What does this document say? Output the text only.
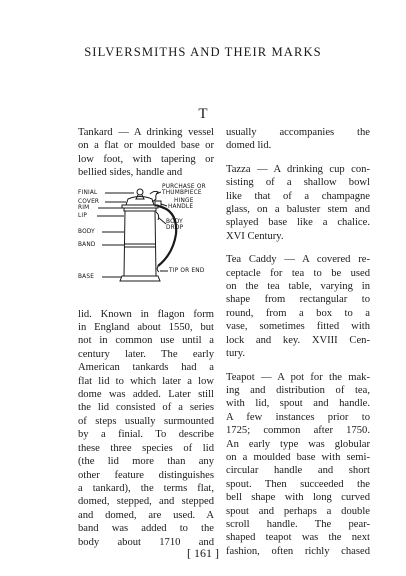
SILVERSMITHS AND THEIR MARKS
T
Tankard — A drinking vessel
on a flat or moulded base or
low foot, with tapering or
bellied sides, handle and
FINIAL
COVER
RIM
LIP
BODY
BAND
BASE
PURCHASE OR
THUMBPIECE
HINGE
HANDLE
BODY
DROP
TIP OR END
lid. Known in flagon form
in England about 1550, but
not in common use until a
century later. The early
American tankards had a
flat lid to which later a low
dome was added. Later still
the lid consisted of a series
of steps usually surmounted
by a finial. To describe
these three species of lid
(the lid more than any
other feature distinguishes
a tankard), the terms flat,
domed, stepped, and stepped
and domed, are used. A
band was added to the
body about 1710 and
usually accompanies the
domed lid.
Tazza — A drinking cup con-
sisting of a shallow bowl
like that of a champagne
glass, on a baluster stem and
splayed base like a chalice.
XVI Century.
Tea Caddy — A covered re-
ceptacle for tea to be used
on the tea table, varying in
shape from rectangular to
round, from a box to a
vase, sometimes fitted with
lock and key. XVIII Cen-
tury.
Teapot — A pot for the mak-
ing and distribution of tea,
with lid, spout and handle.
A few instances prior to
1725; common after 1750.
An early type was globular
on a moulded base with semi-
circular handle and short
spout. Then succeeded the
bell shape with long curved
spout and perhaps a double
scroll handle. The pear-
shaped teapot was the next
fashion, often richly chased
[ 161 ]
